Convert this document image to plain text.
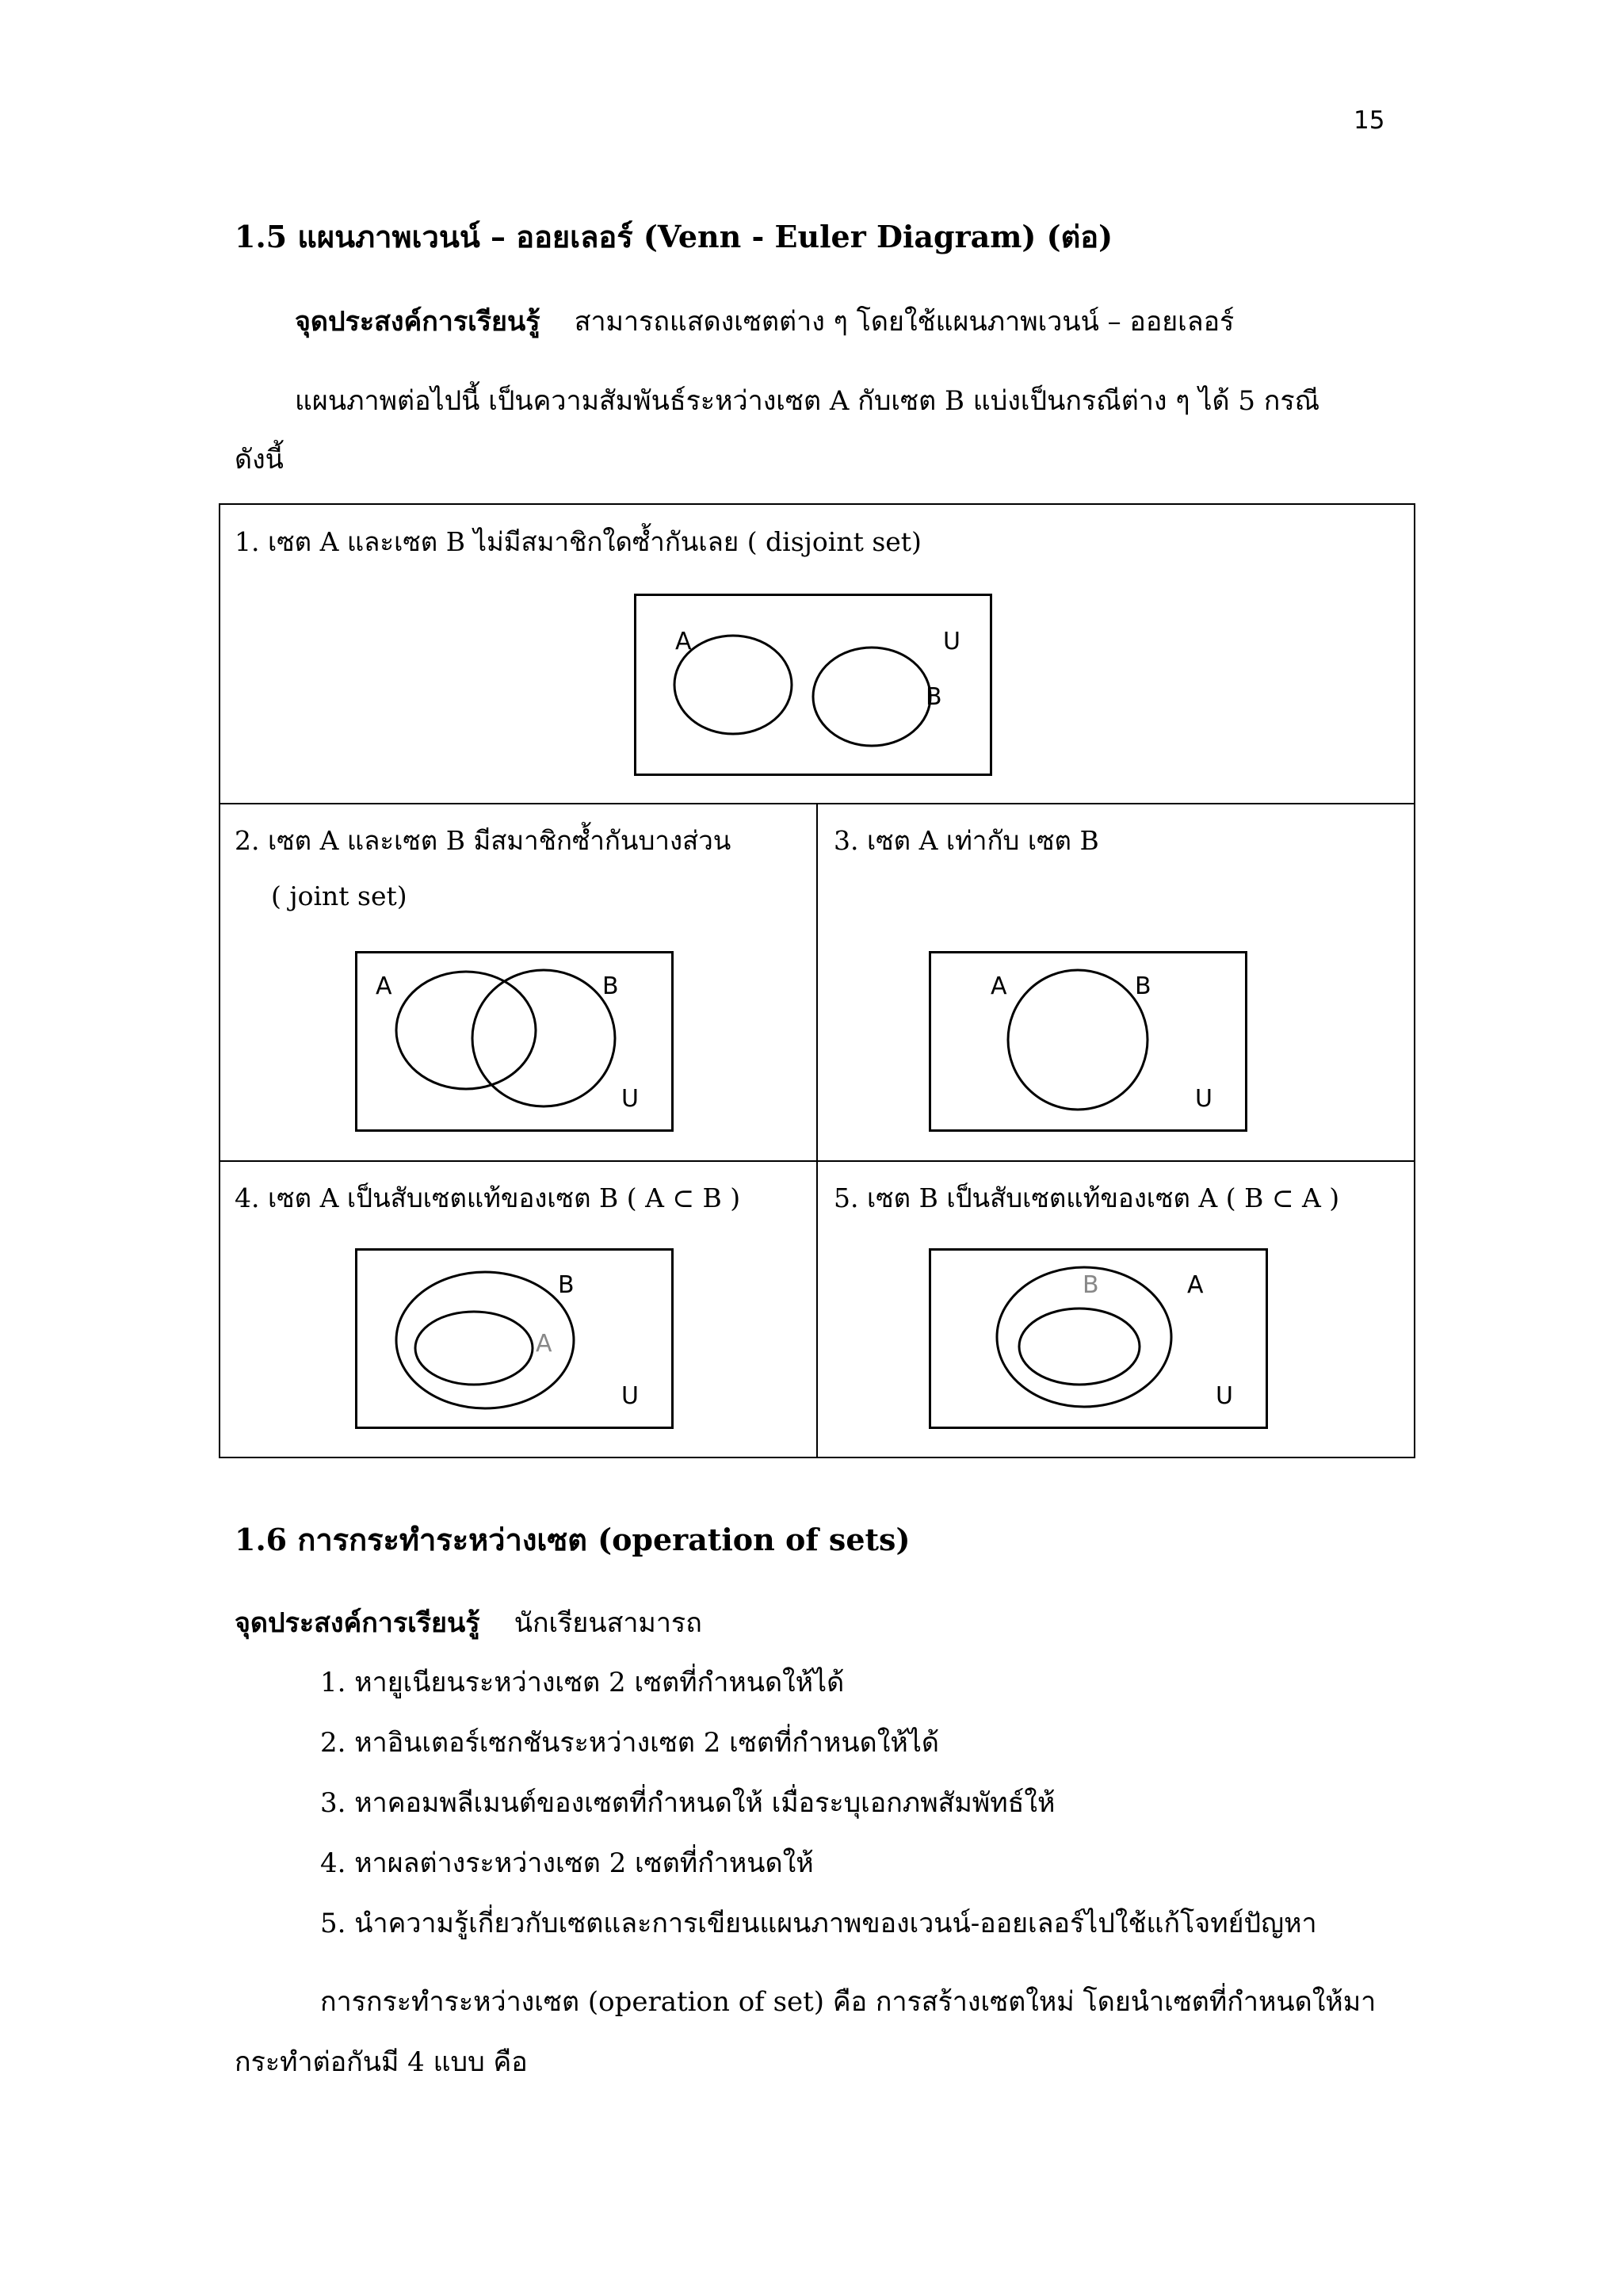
15
1.5 แผนภาพเวนน์ – ออยเลอร์ (Venn - Euler Diagram) (ต่อ)
จุดประสงค์การเรียนรู้ สามารถแสดงเซตต่าง ๆ โดยใช้แผนภาพเวนน์ – ออยเลอร์
แผนภาพต่อไปนี้ เป็นความสัมพันธ์ระหว่างเซต A กับเซต B แบ่งเป็นกรณีต่าง ๆ ได้ 5 กรณี
ดังนี้
1. เซต A และเซต B ไม่มีสมาชิกใดซ้ำกันเลย ( disjoint set)
A	U
B
2. เซต A และเซต B มีสมาชิกซ้ำกันบางส่วน
( joint set)
A	B
U
3. เซต A เท่ากับ เซต B
A	B
U
4. เซต A เป็นสับเซตแท้ของเซต B ( A ⊂ B )
B
A
U
5. เซต B เป็นสับเซตแท้ของเซต A ( B ⊂ A )
B	A
U
1.6 การกระทำระหว่างเซต (operation of sets)
จุดประสงค์การเรียนรู้ นักเรียนสามารถ
1. หายูเนียนระหว่างเซต 2 เซตที่กำหนดให้ได้
2. หาอินเตอร์เซกชันระหว่างเซต 2 เซตที่กำหนดให้ได้
3. หาคอมพลีเมนต์ของเซตที่กำหนดให้ เมื่อระบุเอกภพสัมพัทธ์ให้
4. หาผลต่างระหว่างเซต 2 เซตที่กำหนดให้
5. นำความรู้เกี่ยวกับเซตและการเขียนแผนภาพของเวนน์-ออยเลอร์ไปใช้แก้โจทย์ปัญหา
การกระทำระหว่างเซต (operation of set) คือ การสร้างเซตใหม่ โดยนำเซตที่กำหนดให้มา
กระทำต่อกันมี 4 แบบ คือ
